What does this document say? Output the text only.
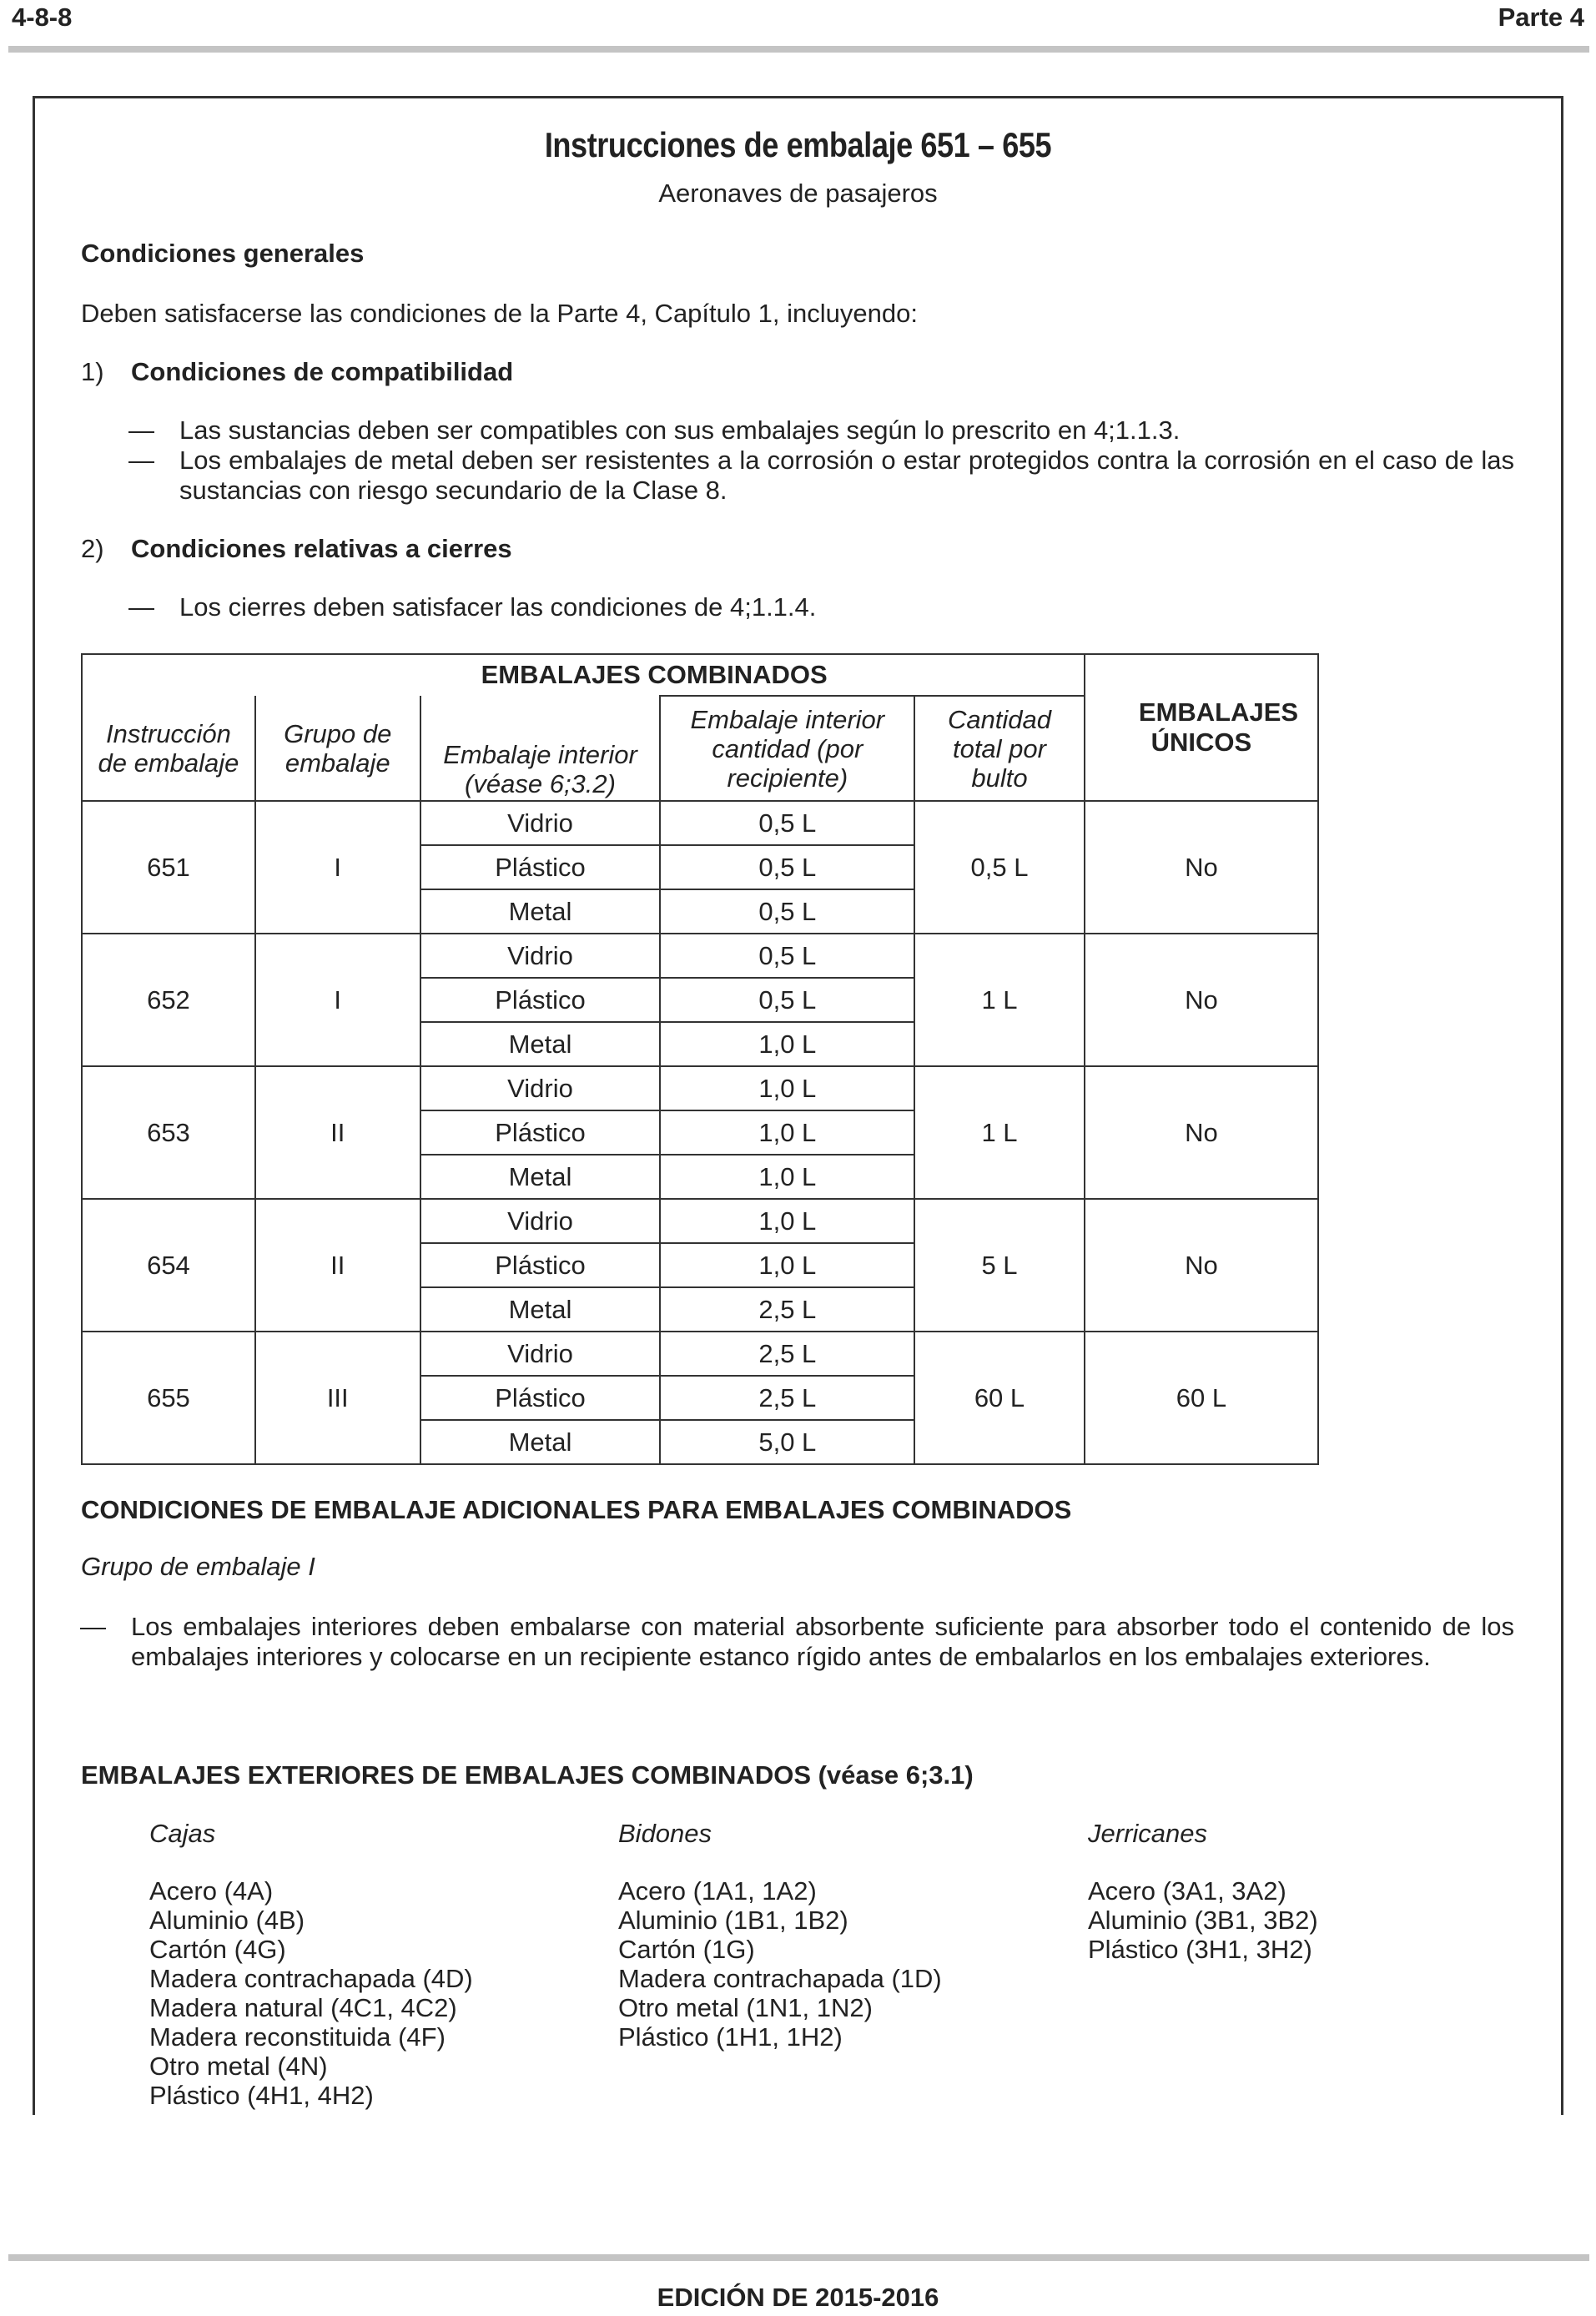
4-8-8	Parte 4
Instrucciones de embalaje 651 – 655
Aeronaves de pasajeros
Condiciones generales
Deben satisfacerse las condiciones de la Parte 4, Capítulo 1, incluyendo:
1) Condiciones de compatibilidad
— Las sustancias deben ser compatibles con sus embalajes según lo prescrito en 4;1.1.3.
— Los embalajes de metal deben ser resistentes a la corrosión o estar protegidos contra la corrosión en el caso de las sustancias con riesgo secundario de la Clase 8.
2) Condiciones relativas a cierres
— Los cierres deben satisfacer las condiciones de 4;1.1.4.
		EMBALAJES COMBINADOS			EMBALAJES ÚNICOS

Instrucción de embalaje	Grupo de embalaje	Embalaje interior (véase 6;3.2)	Embalaje interior cantidad (por recipiente)	Cantidad total por bulto	

651	I	Vidrio	0,5 L	0,5 L	No
		Plástico	0,5 L		
		Metal	0,5 L		
652	I	Vidrio	0,5 L	1 L	No
		Plástico	0,5 L		
		Metal	1,0 L		
653	II	Vidrio	1,0 L	1 L	No
		Plástico	1,0 L		
		Metal	1,0 L		
654	II	Vidrio	1,0 L	5 L	No
		Plástico	1,0 L		
		Metal	2,5 L		
655	III	Vidrio	2,5 L	60 L	60 L
		Plástico	2,5 L		
		Metal	5,0 L		
CONDICIONES DE EMBALAJE ADICIONALES PARA EMBALAJES COMBINADOS
Grupo de embalaje I
— Los embalajes interiores deben embalarse con material absorbente suficiente para absorber todo el contenido de los embalajes interiores y colocarse en un recipiente estanco rígido antes de embalarlos en los embalajes exteriores.
EMBALAJES EXTERIORES DE EMBALAJES COMBINADOS (véase 6;3.1)
Cajas
Acero (4A)
Aluminio (4B)
Cartón (4G)
Madera contrachapada (4D)
Madera natural (4C1, 4C2)
Madera reconstituida (4F)
Otro metal (4N)
Plástico (4H1, 4H2)
Bidones
Acero (1A1, 1A2)
Aluminio (1B1, 1B2)
Cartón (1G)
Madera contrachapada (1D)
Otro metal (1N1, 1N2)
Plástico (1H1, 1H2)
Jerricanes
Acero (3A1, 3A2)
Aluminio (3B1, 3B2)
Plástico (3H1, 3H2)
EDICIÓN DE 2015-2016
